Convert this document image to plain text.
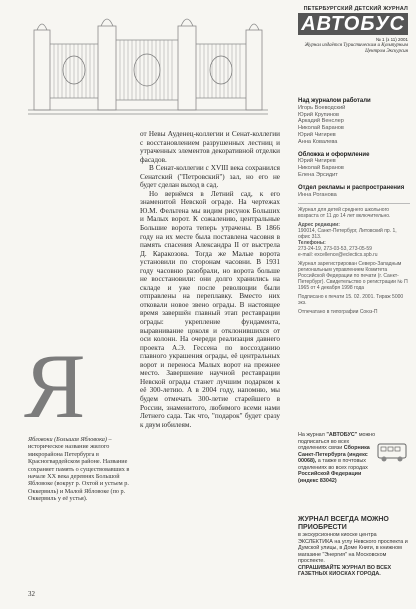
Я
Ябловоки (Большая Ябловока) – историческое название жилого микрорайона Петербурга в Красногвардейском районе. Название сохраняет память о существовавших в начале XX века деревнях Большой Ябловоке (вокруг р. Охтой и устьем р. Оккервиль) и Малой Ябловоке (по р. Оккервиль у её устья).

от Невы Ауденец-коллегии и Сенат-коллегии с восстановлением разрушенных лестниц и утраченных элементов декоративной отделки фасадов.

В Сенат-коллегии с XVIII века сохранился Сенатский ("Петровский") зал, но его не будет сделан выход в сад.

Но вернёмся в Летний сад, к его знаменитой Невской ограде. На чертежах Ю.М. Фельтена мы видим рисунок Больших и Малых ворот. К сожалению, центральные Большие ворота теперь утрачены. В 1866 году на их месте была поставлена часовня в память спасения Александра II от выстрела Д. Каракозова. Тогда же Малые ворота установили по сторонам часовни. В 1931 году часовню разобрали, но ворота больше не восстановили: они долго хранились на складе и уже после революции были отправлены на переплавку. Вместо них отковали новое звено ограды. В настоящее время завершён главный этап реставрации ограды: укрепление фундамента, выравнивание цоколя и отклонившихся от оси колонн. На очереди реализация давнего проекта А.Э. Гессена по воссозданию главного украшения ограды, её центральных ворот и переноса Малых ворот на прежнее место. Завершение научной реставрации Невской ограды станет лучшим подарком к её 300-летию. А в 2004 году, напомню, мы будем отмечать 300-летие старейшего в России, знаменитого, любимого всеми нами Летнего сада. Так что, "подарок" будет сразу к двум юбилеям.

32
ПЕТЕРБУРГСКИЙ ДЕТСКИЙ ЖУРНАЛ
АВТОБУС
№ 1 (з 11) 2001
Журнал издаётся Туристическим и Культурным Центром Экскурсия
Над журналом работали
Игорь Воеводский
Юрий Крупинов
Аркадий Венслер
Николай Баранов
Юрий Чигирев
Анна Ковалева
Обложка и оформление
Юрий Чигирев
Николай Баранов
Елена Эрсидит
Отдел рекламы и распространения
Инна Роганова
Журнал для детей среднего школьного возраста от 11 до 14 лет включительно.
Адрес редакции:
190014, Санкт-Петербург, Литовский пр. 1, офис 313.
Телефоны:
273-24-19, 273-03-53, 273-05-59
e-mail: excellence@eclectics.spb.ru
Журнал зарегистрирован Северо-Западным региональным управлением Комитета Российской Федерации по печати (г. Санкт-Петербург). Свидетельство о регистрации № П 1965 от 4 декабря 1998 года
Подписано к печати 15. 02. 2001. Тираж 5000 экз.
Отпечатано в типографии Союз-П
На журнал "АВТОБУС" можно подписаться во всех отделениях связи Сборника Санкт-Петербурга (индекс 00068), а также в почтовых отделениях во всех городах Российской Федерации (индекс 83042)
ЖУРНАЛ ВСЕГДА МОЖНО ПРИОБРЕСТИ
в экскурсионном киоске центра ЭКСЛЕКТИКА на углу Невского проспекта и Думской улицы, в Доме Книги, в книжном магазине "Энергия" на Московском проспекте.
СПРАШИВАЙТЕ ЖУРНАЛ ВО ВСЕХ ГАЗЕТНЫХ КИОСКАХ ГОРОДА.
